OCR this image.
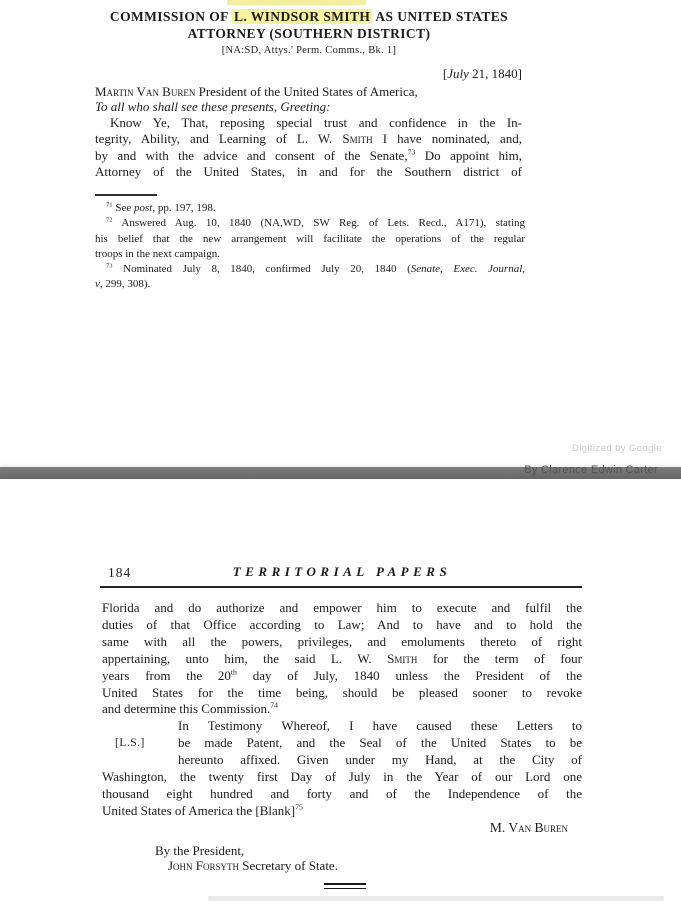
COMMISSION OF L. WINDSOR SMITH AS UNITED STATES
ATTORNEY (SOUTHERN DISTRICT)
[NA:SD, Attys.' Perm. Comms., Bk. 1]
[July 21, 1840]
Martin Van Buren President of the United States of America,
To all who shall see these presents, Greeting:
Know Ye, That, reposing special trust and confidence in the In-
tegrity, Ability, and Learning of L. W. Smith I have nominated, and,
by and with the advice and consent of the Senate,$^{73}$ Do appoint him,
Attorney of the United States, in and for the Southern district of
$^{71}$ See post, pp. 197, 198.
$^{72}$ Answered Aug. 10, 1840 (NA,WD, SW Reg. of Lets. Recd., A171), stating
his belief that the new arrangement will facilitate the operations of the regular
troops in the next campaign.
$^{73}$ Nominated July 8, 1840, confirmed July 20, 1840 (Senate, Exec. Journal,
v, 299, 308).
Digitized by Google
By Clarence Edwin Carter
184	TERRITORIAL PAPERS
Florida and do authorize and empower him to execute and fulfil the
duties of that Office according to Law; And to have and to hold the
same with all the powers, privileges, and emoluments thereto of right
appertaining, unto him, the said L. W. Smith for the term of four
years from the 20th day of July, 1840 unless the President of the
United States for the time being, should be pleased sooner to revoke
and determine this Commission.$^{74}$
In Testimony Whereof, I have caused these Letters to
[L.S.]	be made Patent, and the Seal of the United States to be
hereunto affixed. Given under my Hand, at the City of
Washington, the twenty first Day of July in the Year of our Lord one
thousand eight hundred and forty and of the Independence of the
United States of America the [Blank]$^{75}$
M. Van Buren
By the President,
John Forsyth Secretary of State.
